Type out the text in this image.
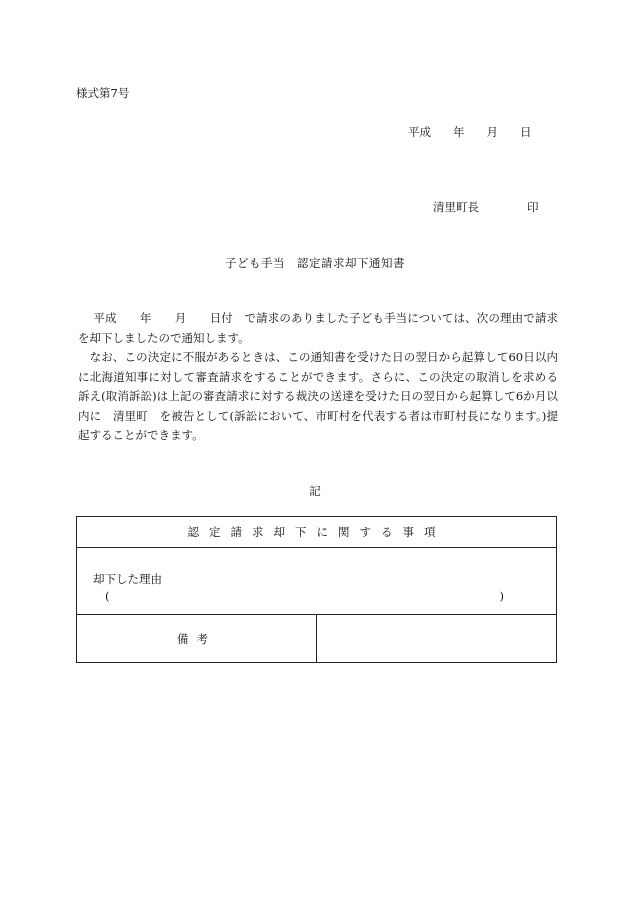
様式第7号
平成 年 月 日
清里町長	印
子ども手当　認定請求却下通知書

　 平成　　 年　　 月　　 日付　 で請求のありました子ども手当については、次の理由で請求を却下しましたので通知します。

　なお、この決定に不服があるときは、この通知書を受けた日の翌日から起算して60日以内に北海道知事に対して審査請求をすることができます。さらに、この決定の取消しを求める訴え(取消訴訟)は上記の審査請求に対する裁決の送達を受けた日の翌日から起算して6か月以内に　清里町　を被告として(訴訟において、市町村を代表する者は市町村長になります。)提起することができます。

記
認定請求却下に関する事項

却下した理由
(	)

備考	
